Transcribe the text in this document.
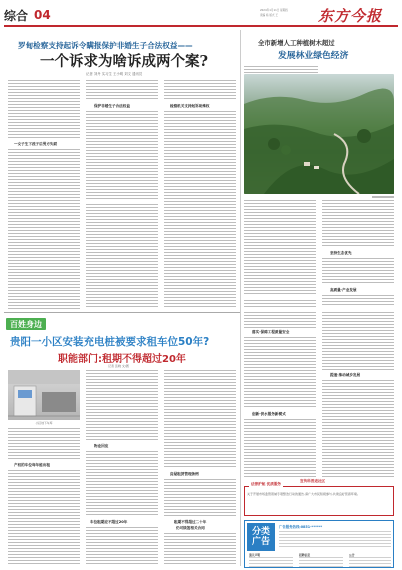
综合 04	2024年1月11日 星期四
责编 杨 版式 王	东方今报
罗甸检察支持起诉令瞒报保护非婚生子合法权益——
一个诉求为啥诉成两个案?
记者 刘丹 实习生 王小明 刘文 通讯员
一女子生下孩子后男方失联
保护非婚生子合法权益	检察机关支持起诉助维权
全市新增人工种植树木超过
发展林业绿色经济
坚持生态优先
高质量·产业发展
百姓身边
贵阳一小区安装充电桩被要求租车位50年?
职能部门:租期不得超过20年
记者 张晓 文/图
小区地下车库
产权的车位每年能出租
物业回应
车位租期应不超过20年
房屋租赁管理条例
租期不得超过二十年
仍可续签相关合同
落实·保障工程质量安全
创新·供水服务新模式
提速·推动城乡发展
宣传科普进社区
法律护航 优质服务
关于开展市场监管领域专项整治行动的通告,请广大市民积极参与,共建良好营商环境。
分类
广告
广告服务热线:0851-******
遗失声明	招聘信息	公告
